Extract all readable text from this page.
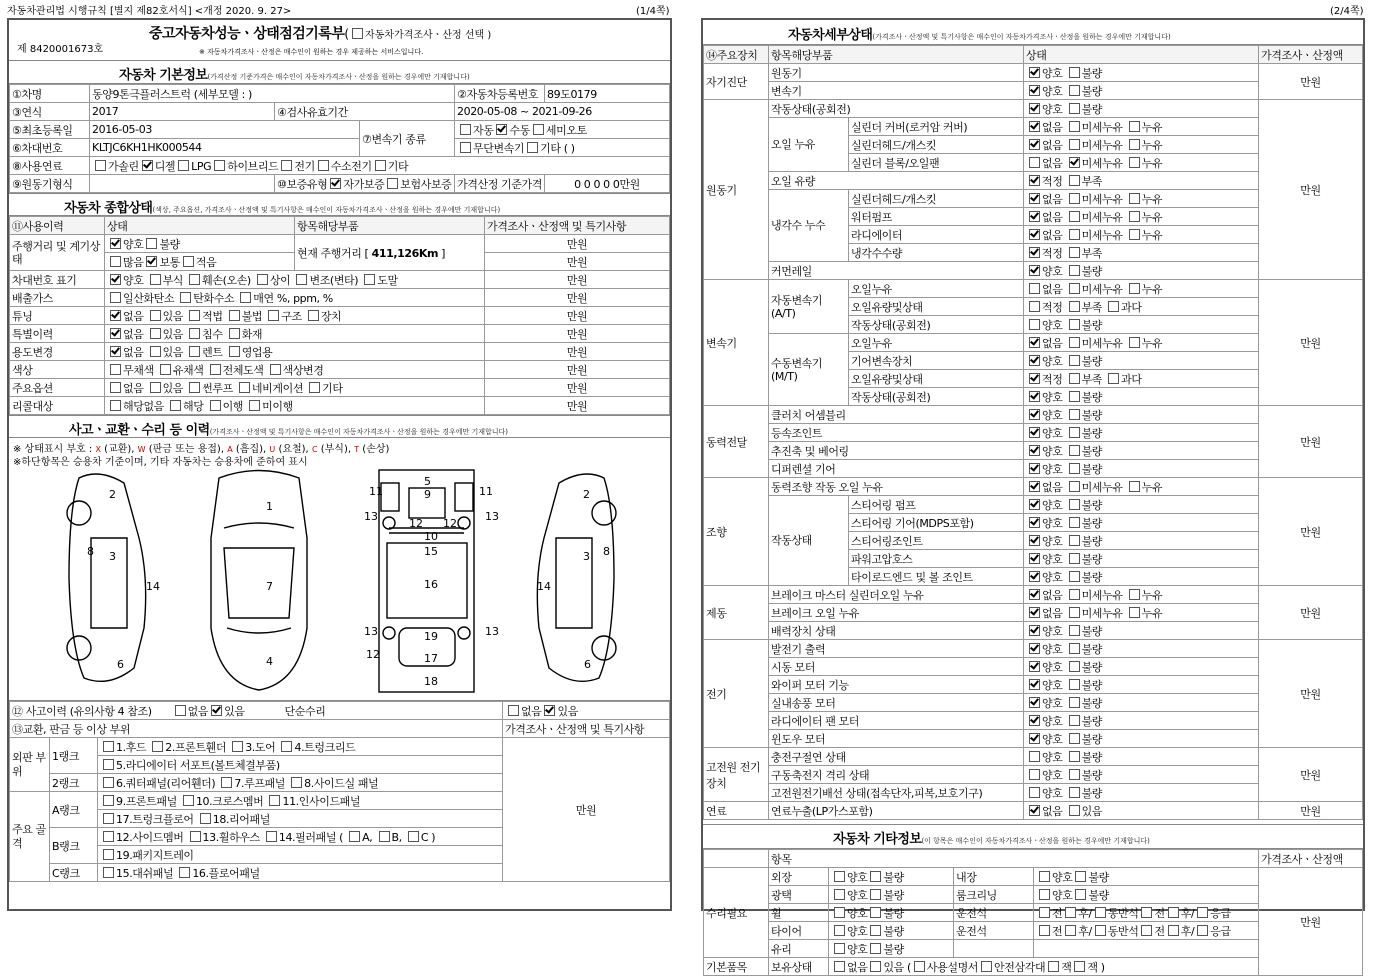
자동차관리법 시행규칙 [별지 제82호서식] <개정 2020. 9. 27>	(1/4쪽)	(2/4쪽)
제 8420001673호
중고자동차성능ㆍ상태점검기록부( 자동차가격조사ㆍ산정 선택 )
※ 자동차가격조사ㆍ산정은 매수인이 원하는 경우 제공하는 서비스입니다.
자동차 기본정보(가격산정 기준가격은 매수인이 자동차가격조사ㆍ산정을 원하는 경우에만 기재합니다)
①차명	동양9톤극플러스트럭 (세부모델 : )			②자동차등록번호	89도0179
③연식	2017	④검사유효기간		2020-05-08 ~ 2021-09-26	
⑤최초등록일	2016-05-03		⑦변속기 종류	자동 수동 세미오토	
⑥차대번호	KLTJC6KH1HK000544			무단변속기 기타 ( )	
⑧사용연료	가솔린 디젤 LPG 하이브리드 전기 수소전기 기타				
⑨원동기형식		⑩보증유형 자가보증 보험사보증		가격산정 기준가격	0 0 0 0 0만원
자동차 종합상태(색상, 주요옵션, 가격조사ㆍ산정액 및 특기사항은 매수인이 자동차가격조사ㆍ산정을 원하는 경우에만 기재합니다)
⑪사용이력	상태	항목해당부품	가격조사ㆍ산정액 및 특기사항
주행거리 및 계기상태	양호 불량	현재 주행거리 [ 411,126Km ]	만원
	많음 보통 적음		만원
차대번호 표기	양호 부식 훼손(오손) 상이 변조(변타) 도말		만원
배출가스	일산화탄소 탄화수소 매연 %, ppm, %		만원
튜닝	없음 있음 적법 불법 구조 장치		만원
특별이력	없음 있음 침수 화재		만원
용도변경	없음 있음 렌트 영업용		만원
색상	무채색 유채색 전체도색 색상변경		만원
주요옵션	없음 있음 썬루프 네비게이션 기타		만원
리콜대상	해당없음 해당 이행 미이행		만원
사고ㆍ교환ㆍ수리 등 이력(가격조사ㆍ산정액 및 특기사항은 매수인이 자동차가격조사ㆍ산정을 원하는 경우에만 기재합니다)
※ 상태표시 부호 : X (교환), W (판금 또는 용접), A (흠집), U (요철), C (부식), T (손상)
※하단항목은 승용차 기준이며, 기타 자동차는 승용차에 준하여 표시
1
2
3
4
5
6
7
8
9
10
11
12
13
14
15
16
17
18
19
3
2
6
8
14
11
12
13
13
12
13
⑫ 사고이력 (유의사항 4 참조) 없음 있음 단순수리			없음 있음
⑬교환, 판금 등 이상 부위			가격조사ㆍ산정액 및 특기사항
외판 부위	1랭크	1.후드 2.프론트휀더 3.도어 4.트렁크리드	만원
		5.라디에이터 서포트(볼트체결부품)	
	2랭크	6.쿼터패널(리어휀더) 7.루프패널 8.사이드실 패널	
주요 골격	A랭크	9.프론트패널 10.크로스멤버 11.인사이드패널	
		17.트렁크플로어 18.리어패널	
	B랭크	12.사이드멤버 13.휠하우스 14.필러패널 ( A, B, C )	
		19.패키지트레이	
	C랭크	15.대쉬패널 16.플로어패널	
자동차세부상태(가격조사ㆍ산정액 및 특기사항은 매수인이 자동차가격조사ㆍ산정을 원하는 경우에만 기재합니다)
⑭주요장치	항목해당부품		상태	가격조사ㆍ산정액
자기진단	원동기		양호 불량	만원
	변속기		양호 불량	
원동기	작동상태(공회전)		양호 불량	만원
	오일 누유	실린더 커버(로커암 커버)	없음 미세누유 누유	
		실린더헤드/개스킷	없음 미세누유 누유	
		실린더 블록/오일팬	없음 미세누유 누유	
	오일 유량		적정 부족	
	냉각수 누수	실린더헤드/개스킷	없음 미세누유 누유	
		워터펌프	없음 미세누유 누유	
		라디에이터	없음 미세누유 누유	
		냉각수수량	적정 부족	
	커먼레일		양호 불량	
변속기	자동변속기(A/T)	오일누유	없음 미세누유 누유	만원
		오일유량및상태	적정 부족 과다	
		작동상태(공회전)	양호 불량	
	수동변속기(M/T)	오일누유	없음 미세누유 누유	
		기어변속장치	양호 불량	
		오일유량및상태	적정 부족 과다	
		작동상태(공회전)	양호 불량	
동력전달	클러치 어셈블리		양호 불량	만원
	등속조인트		양호 불량	
	추진축 및 베어링		양호 불량	
	디퍼렌셜 기어		양호 불량	
조향	동력조향 작동 오일 누유		없음 미세누유 누유	만원
	작동상태	스티어링 펌프	양호 불량	
		스티어링 기어(MDPS포함)	양호 불량	
		스티어링조인트	양호 불량	
		파워고압호스	양호 불량	
		타이로드엔드 및 볼 조인트	양호 불량	
제동	브레이크 마스터 실린더오일 누유		없음 미세누유 누유	만원
	브레이크 오일 누유		없음 미세누유 누유	
	배력장치 상태		양호 불량	
전기	발전기 출력		양호 불량	만원
	시동 모터		양호 불량	
	와이퍼 모터 기능		양호 불량	
	실내송풍 모터		양호 불량	
	라디에이터 팬 모터		양호 불량	
	윈도우 모터		양호 불량	
고전원 전기장치	충전구절연 상태		양호 불량	만원
	구동축전지 격리 상태		양호 불량	
	고전원전기배선 상태(접속단자,피복,보호기구)		양호 불량	
연료	연료누출(LP가스포함)		없음 있음	만원
자동차 기타정보(이 항목은 매수인이 자동차가격조사ㆍ산정을 원하는 경우에만 기재합니다)
	항목				가격조사ㆍ산정액
수리필요	외장	양호 불량	내장	양호 불량	만원
	광택	양호 불량	룸크리닝	양호 불량	
	휠	양호 불량	운전석	전 후/ 동반석 전 후/ 응급	
	타이어	양호 불량	운전석	전 후/ 동반석 전 후/ 응급	
	유리	양호 불량			
기본품목	보유상태	없음 있음 ( 사용설명서 안전삼각대 잭 잭 )			
